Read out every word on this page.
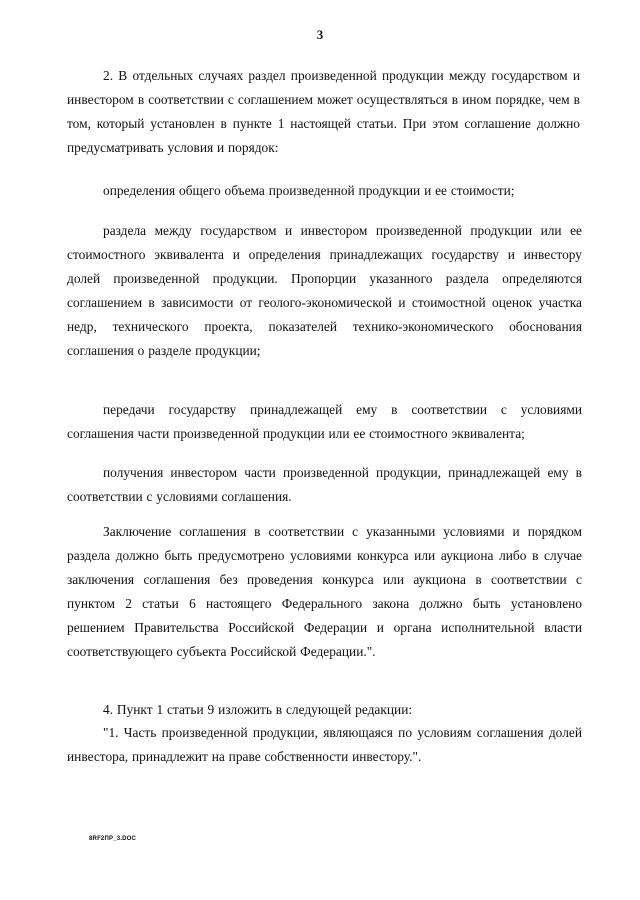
3

2. В отдельных случаях раздел произведенной продукции между государством и инвестором в соответствии с соглашением может осуществляться в ином порядке, чем в том, который установлен в пункте 1 настоящей статьи. При этом соглашение должно предусматривать условия и порядок:

определения общего объема произведенной продукции и ее стоимости;

раздела между государством и инвестором произведенной продукции или ее стоимостного эквивалента и определения принадлежащих государству и инвестору долей произведенной продукции. Пропорции указанного раздела определяются соглашением в зависимости от геолого-экономической и стоимостной оценок участка недр, технического проекта, показателей технико-экономического обоснования соглашения о разделе продукции;

передачи государству принадлежащей ему в соответствии с условиями соглашения части произведенной продукции или ее стоимостного эквивалента;

получения инвестором части произведенной продукции, принадлежащей ему в соответствии с условиями соглашения.

Заключение соглашения в соответствии с указанными условиями и порядком раздела должно быть предусмотрено условиями конкурса или аукциона либо в случае заключения соглашения без проведения конкурса или аукциона в соответствии с пунктом 2 статьи 6 настоящего Федерального закона должно быть установлено решением Правительства Российской Федерации и органа исполнительной власти соответствующего субъекта Российской Федерации.".

4. Пункт 1 статьи 9 изложить в следующей редакции:

"1. Часть произведенной продукции, являющаяся по условиям соглашения долей инвестора, принадлежит на праве собственности инвестору.".

8RF2ПР_3.DOC
